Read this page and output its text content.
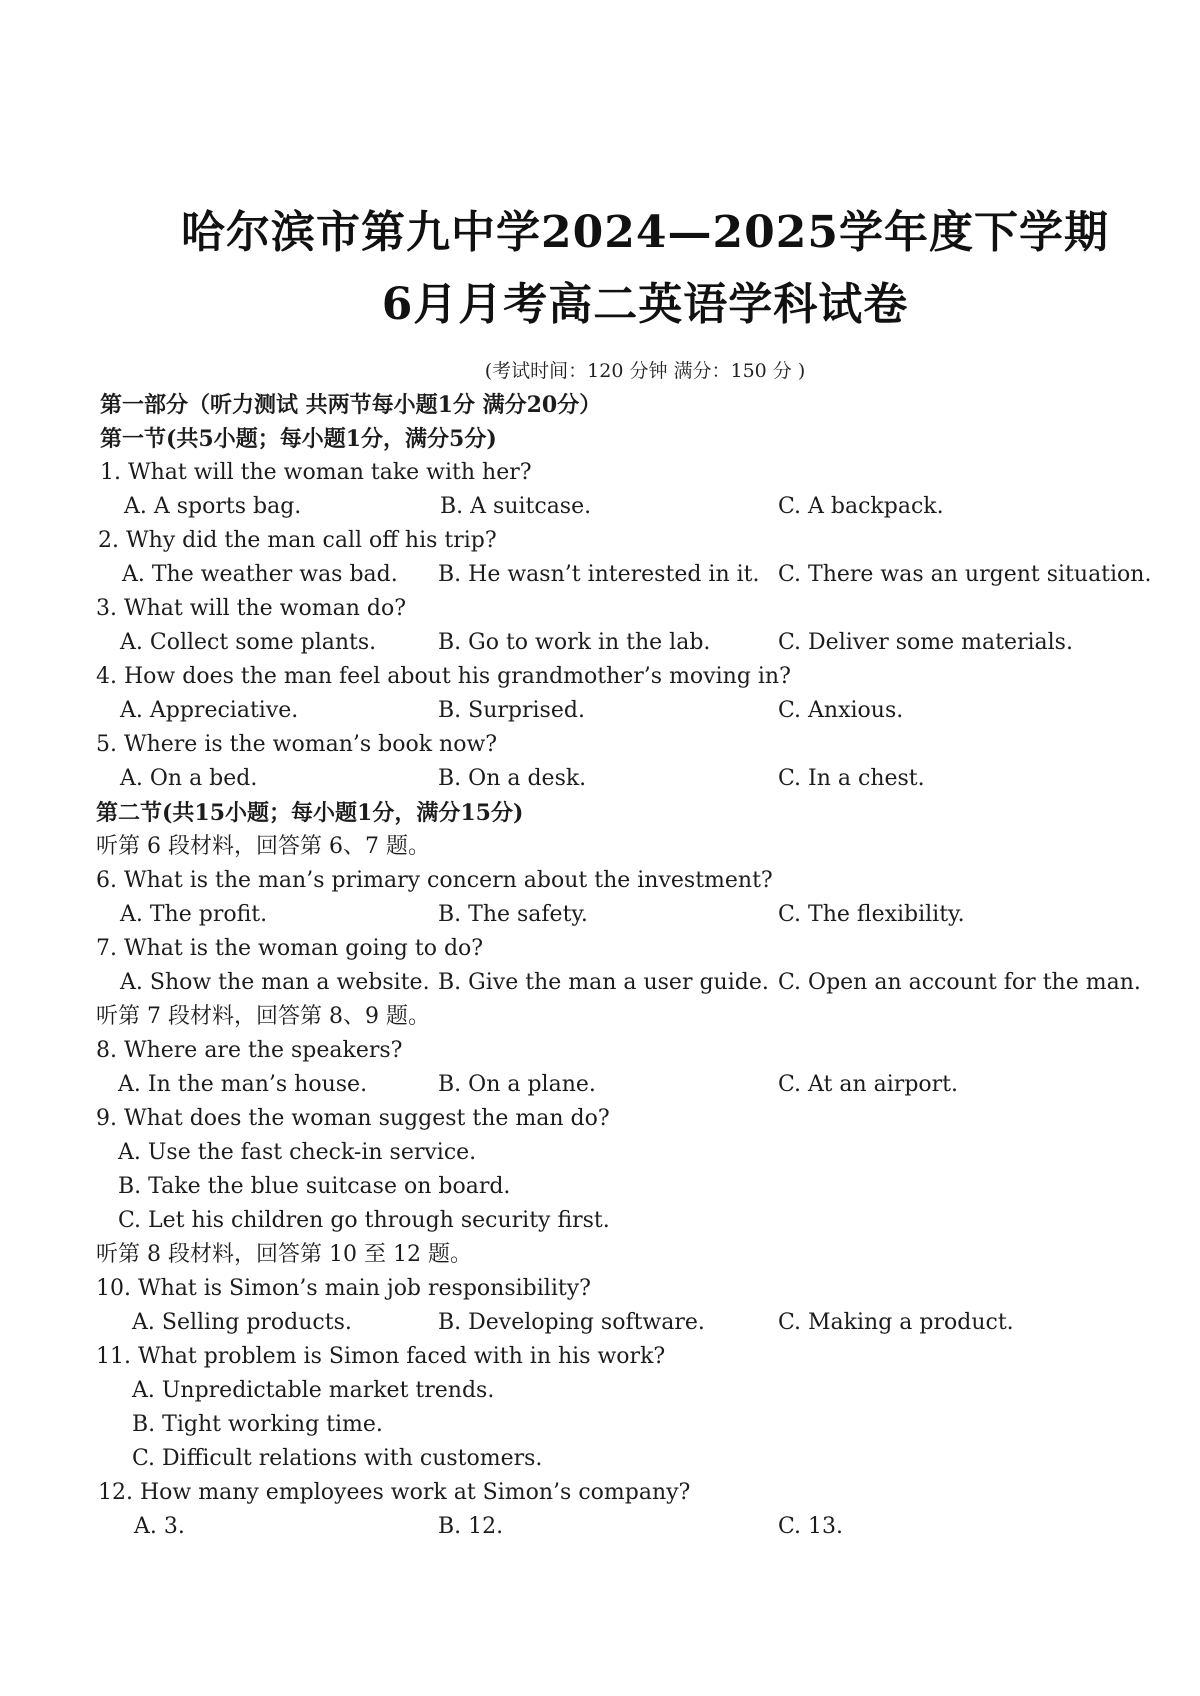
哈尔滨市第九中学2024—2025学年度下学期
6月月考高二英语学科试卷
(考试时间：120 分钟 满分：150 分 )
第一部分（听力测试 共两节每小题1分 满分20分）
第一节(共5小题；每小题1分，满分5分)
1. What will the woman take with her?
A. A sports bag.	B. A suitcase.	C. A backpack.
2. Why did the man call off his trip?
A. The weather was bad. B. He wasn’t interested in it. C. There was an urgent situation.
3. What will the woman do?
A. Collect some plants.	B. Go to work in the lab.	C. Deliver some materials.
4. How does the man feel about his grandmother’s moving in?
A. Appreciative.	B. Surprised.	C. Anxious.
5. Where is the woman’s book now?
A. On a bed.	B. On a desk.	C. In a chest.
第二节(共15小题；每小题1分，满分15分)
听第 6 段材料，回答第 6、7 题。
6. What is the man’s primary concern about the investment?
A. The profit.	B. The safety.	C. The flexibility.
7. What is the woman going to do?
A. Show the man a website. B. Give the man a user guide. C. Open an account for the man.
听第 7 段材料，回答第 8、9 题。
8. Where are the speakers?
A. In the man’s house.	B. On a plane.	C. At an airport.
9. What does the woman suggest the man do?
A. Use the fast check-in service.
B. Take the blue suitcase on board.
C. Let his children go through security first.
听第 8 段材料，回答第 10 至 12 题。
10. What is Simon’s main job responsibility?
A. Selling products.	B. Developing software.	C. Making a product.
11. What problem is Simon faced with in his work?
A. Unpredictable market trends.
B. Tight working time.
C. Difficult relations with customers.
12. How many employees work at Simon’s company?
A. 3.	B. 12.	C. 13.
